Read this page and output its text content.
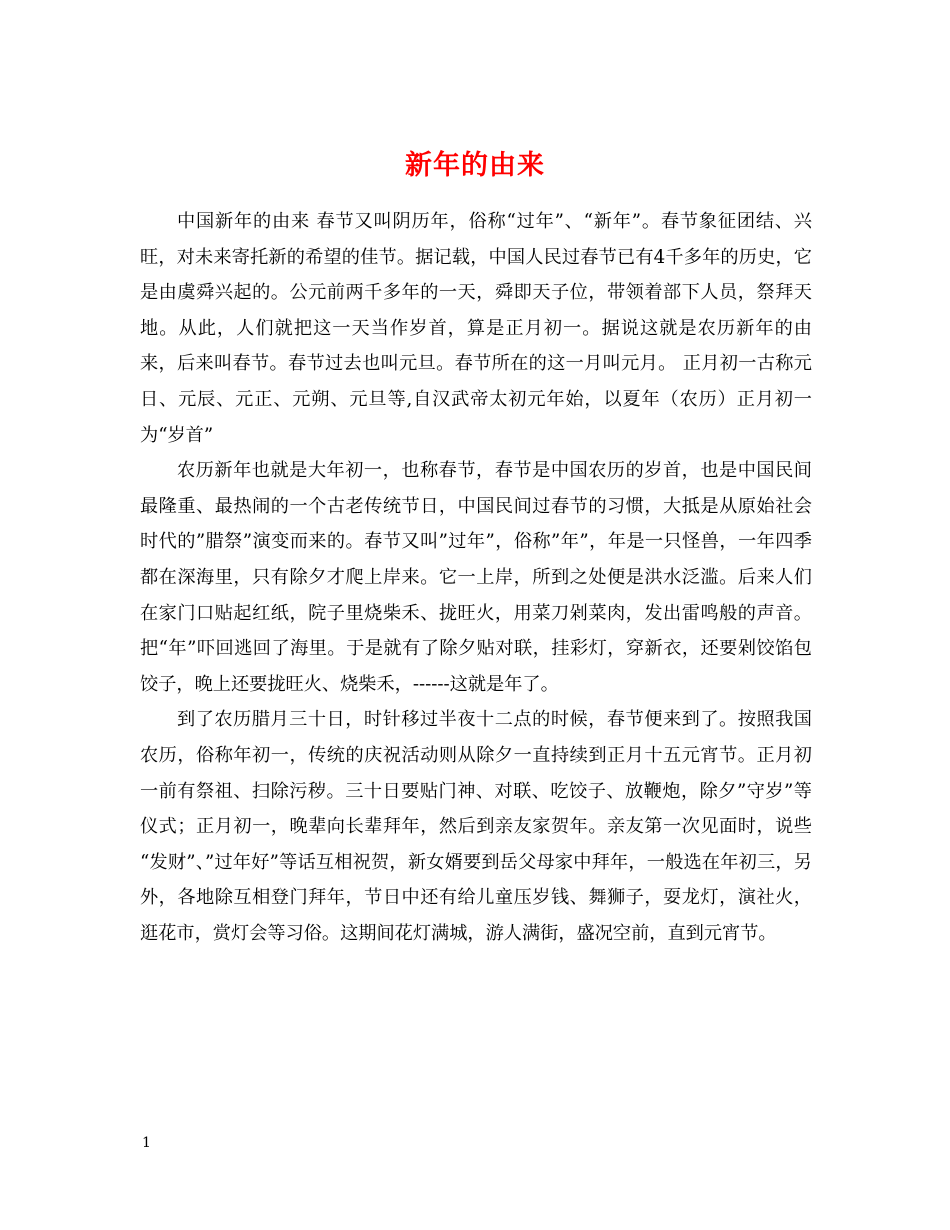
新年的由来

中国新年的由来 春节又叫阴历年，俗称“过年”、“新年”。春节象征团结、兴旺，对未来寄托新的希望的佳节。据记载，中国人民过春节已有4千多年的历史，它是由虞舜兴起的。公元前两千多年的一天，舜即天子位，带领着部下人员，祭拜天地。从此，人们就把这一天当作岁首，算是正月初一。据说这就是农历新年的由来，后来叫春节。春节过去也叫元旦。春节所在的这一月叫元月。 正月初一古称元日、元辰、元正、元朔、元旦等,自汉武帝太初元年始，以夏年（农历）正月初一为“岁首”

农历新年也就是大年初一，也称春节，春节是中国农历的岁首，也是中国民间最隆重、最热闹的一个古老传统节日，中国民间过春节的习惯，大抵是从原始社会时代的”腊祭”演变而来的。春节又叫”过年”，俗称”年”，年是一只怪兽，一年四季都在深海里，只有除夕才爬上岸来。它一上岸，所到之处便是洪水泛滥。后来人们在家门口贴起红纸，院子里烧柴禾、拢旺火，用菜刀剁菜肉，发出雷鸣般的声音。把“年”吓回逃回了海里。于是就有了除夕贴对联，挂彩灯，穿新衣，还要剁饺馅包饺子，晚上还要拢旺火、烧柴禾，------这就是年了。

到了农历腊月三十日，时针移过半夜十二点的时候，春节便来到了。按照我国农历，俗称年初一，传统的庆祝活动则从除夕一直持续到正月十五元宵节。正月初一前有祭祖、扫除污秽。三十日要贴门神、对联、吃饺子、放鞭炮，除夕”守岁”等仪式；正月初一，晚辈向长辈拜年，然后到亲友家贺年。亲友第一次见面时，说些 “发财”、”过年好”等话互相祝贺，新女婿要到岳父母家中拜年，一般选在年初三，另外，各地除互相登门拜年，节日中还有给儿童压岁钱、舞狮子，耍龙灯，演社火，逛花市，赏灯会等习俗。这期间花灯满城，游人满街，盛况空前，直到元宵节。

1
